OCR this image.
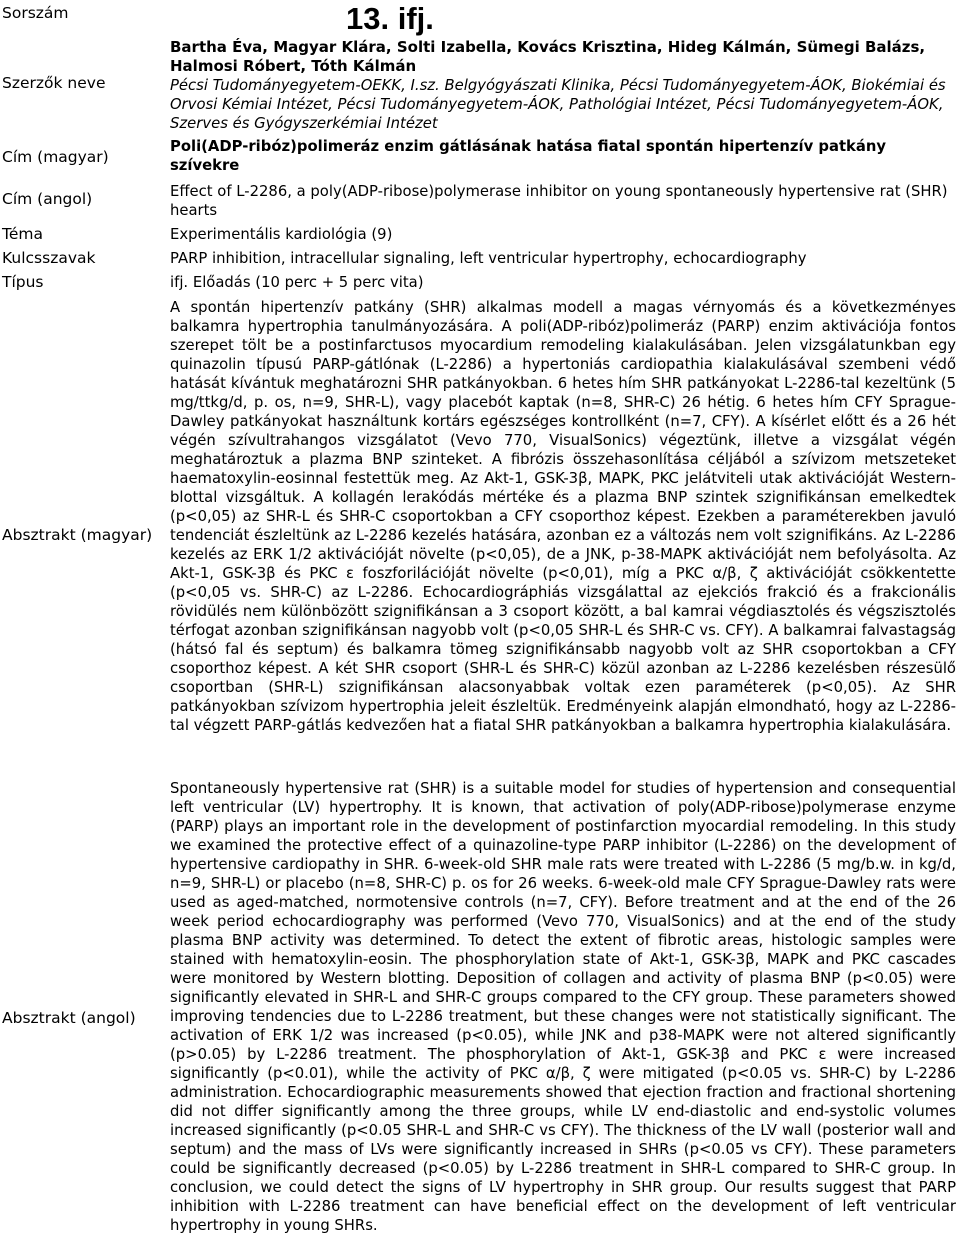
Sorszám
Szerzők neve
Cím (magyar)
Cím (angol)
Téma
Kulcsszavak
Típus
Absztrakt (magyar)
Absztrakt (angol)
13. ifj.
Bartha Éva, Magyar Klára, Solti Izabella, Kovács Krisztina, Hideg Kálmán, Sümegi Balázs, Halmosi Róbert, Tóth Kálmán
Pécsi Tudományegyetem-OEKK, I.sz. Belgyógyászati Klinika, Pécsi Tudományegyetem-ÁOK, Biokémiai és Orvosi Kémiai Intézet, Pécsi Tudományegyetem-ÁOK, Pathológiai Intézet, Pécsi Tudományegyetem-ÁOK, Szerves és Gyógyszerkémiai Intézet
Poli(ADP-ribóz)polimeráz enzim gátlásának hatása fiatal spontán hipertenzív patkány szívekre
Effect of L-2286, a poly(ADP-ribose)polymerase inhibitor on young spontaneously hypertensive rat (SHR) hearts
Experimentális kardiológia (9)
PARP inhibition, intracellular signaling, left ventricular hypertrophy, echocardiography
ifj. Előadás (10 perc + 5 perc vita)

A spontán hipertenzív patkány (SHR) alkalmas modell a magas vérnyomás és a következményes balkamra hypertrophia tanulmányozására. A poli(ADP-ribóz)polimeráz (PARP) enzim aktivációja fontos szerepet tölt be a postinfarctusos myocardium remodeling kialakulásában. Jelen vizsgálatunkban egy quinazolin típusú PARP-gátlónak (L-2286) a hypertoniás cardiopathia kialakulásával szembeni védő hatását kívántuk meghatározni SHR patkányokban. 6 hetes hím SHR patkányokat L-2286-tal kezeltünk (5 mg/ttkg/d, p. os, n=9, SHR-L), vagy placebót kaptak (n=8, SHR-C) 26 hétig. 6 hetes hím CFY Sprague-Dawley patkányokat használtunk kortárs egészséges kontrollként (n=7, CFY). A kísérlet előtt és a 26 hét végén szívultrahangos vizsgálatot (Vevo 770, VisualSonics) végeztünk, illetve a vizsgálat végén meghatároztuk a plazma BNP szinteket. A fibrózis összehasonlítása céljából a szívizom metszeteket haematoxylin-eosinnal festettük meg. Az Akt-1, GSK-3β, MAPK, PKC jelátviteli utak aktivációját Western-blottal vizsgáltuk. A kollagén lerakódás mértéke és a plazma BNP szintek szignifikánsan emelkedtek (p<0,05) az SHR-L és SHR-C csoportokban a CFY csoporthoz képest. Ezekben a paraméterekben javuló tendenciát észleltünk az L-2286 kezelés hatására, azonban ez a változás nem volt szignifikáns. Az L-2286 kezelés az ERK 1/2 aktivációját növelte (p<0,05), de a JNK, p-38-MAPK aktivációját nem befolyásolta. Az Akt-1, GSK-3β és PKC ε foszforilációját növelte (p<0,01), míg a PKC α/β, ζ aktivációját csökkentette (p<0,05 vs. SHR-C) az L-2286. Echocardiográphiás vizsgálattal az ejekciós frakció és a frakcionális rövidülés nem különbözött szignifikánsan a 3 csoport között, a bal kamrai végdiasztolés és végszisztolés térfogat azonban szignifikánsan nagyobb volt (p<0,05 SHR-L és SHR-C vs. CFY). A balkamrai falvastagság (hátsó fal és septum) és balkamra tömeg szignifikánsabb nagyobb volt az SHR csoportokban a CFY csoporthoz képest. A két SHR csoport (SHR-L és SHR-C) közül azonban az L-2286 kezelésben részesülő csoportban (SHR-L) szignifikánsan alacsonyabbak voltak ezen paraméterek (p<0,05). Az SHR patkányokban szívizom hypertrophia jeleit észleltük. Eredményeink alapján elmondható, hogy az L-2286-tal végzett PARP-gátlás kedvezően hat a fiatal SHR patkányokban a balkamra hypertrophia kialakulására.

Spontaneously hypertensive rat (SHR) is a suitable model for studies of hypertension and consequential left ventricular (LV) hypertrophy. It is known, that activation of poly(ADP-ribose)polymerase enzyme (PARP) plays an important role in the development of postinfarction myocardial remodeling. In this study we examined the protective effect of a quinazoline-type PARP inhibitor (L-2286) on the development of hypertensive cardiopathy in SHR. 6-week-old SHR male rats were treated with L-2286 (5 mg/b.w. in kg/d, n=9, SHR-L) or placebo (n=8, SHR-C) p. os for 26 weeks. 6-week-old male CFY Sprague-Dawley rats were used as aged-matched, normotensive controls (n=7, CFY). Before treatment and at the end of the 26 week period echocardiography was performed (Vevo 770, VisualSonics) and at the end of the study plasma BNP activity was determined. To detect the extent of fibrotic areas, histologic samples were stained with hematoxylin-eosin. The phosphorylation state of Akt-1, GSK-3β, MAPK and PKC cascades were monitored by Western blotting. Deposition of collagen and activity of plasma BNP (p<0.05) were significantly elevated in SHR-L and SHR-C groups compared to the CFY group. These parameters showed improving tendencies due to L-2286 treatment, but these changes were not statistically significant. The activation of ERK 1/2 was increased (p<0.05), while JNK and p38-MAPK were not altered significantly (p>0.05) by L-2286 treatment. The phosphorylation of Akt-1, GSK-3β and PKC ε were increased significantly (p<0.01), while the activity of PKC α/β, ζ were mitigated (p<0.05 vs. SHR-C) by L-2286 administration. Echocardiographic measurements showed that ejection fraction and fractional shortening did not differ significantly among the three groups, while LV end-diastolic and end-systolic volumes increased significantly (p<0.05 SHR-L and SHR-C vs CFY). The thickness of the LV wall (posterior wall and septum) and the mass of LVs were significantly increased in SHRs (p<0.05 vs CFY). These parameters could be significantly decreased (p<0.05) by L-2286 treatment in SHR-L compared to SHR-C group. In conclusion, we could detect the signs of LV hypertrophy in SHR group. Our results suggest that PARP inhibition with L-2286 treatment can have beneficial effect on the development of left ventricular hypertrophy in young SHRs.
